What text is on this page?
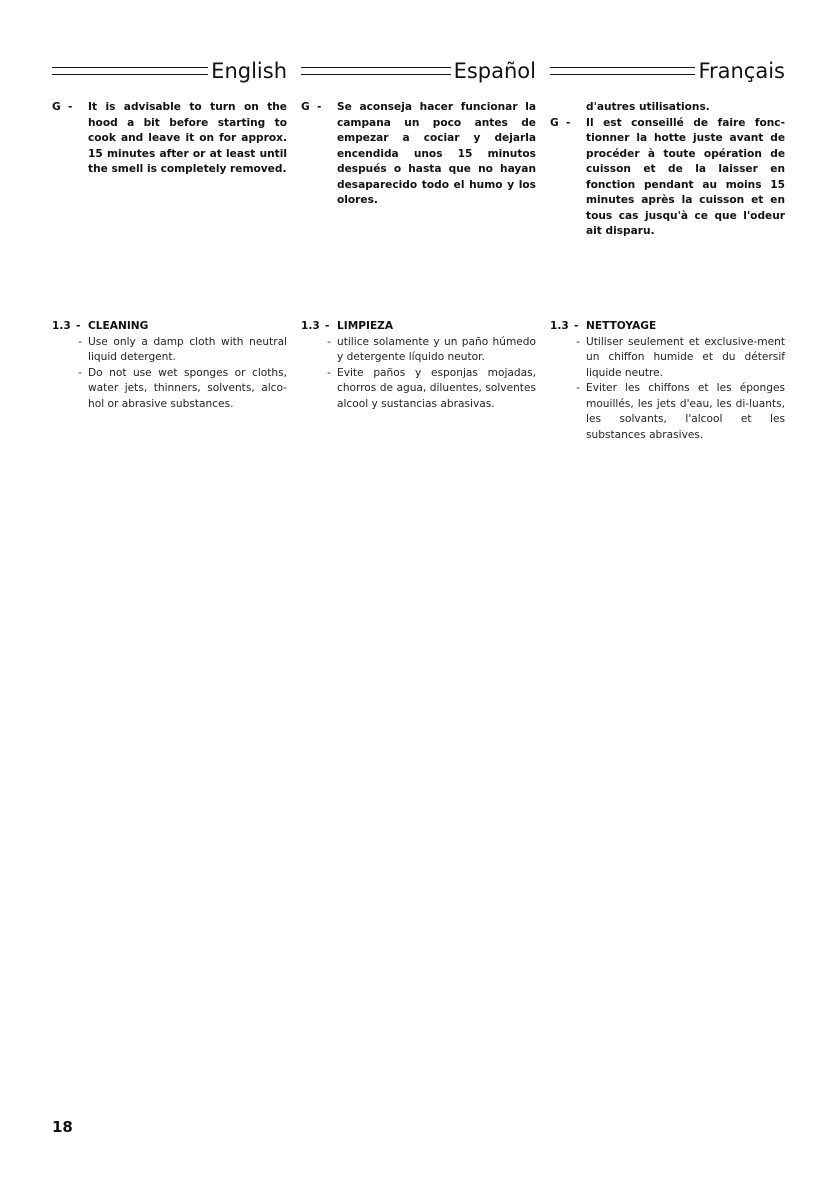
English
G -	It is advisable to turn on the hood a bit before starting to cook and leave it on for approx. 15 minutes after or at least until the smell is completely removed.
1.3 - CLEANING
- Use only a damp cloth with neutral liquid detergent.
- Do not use wet sponges or cloths, water jets, thinners, solvents, alco-hol or abrasive substances.
Español
G -	Se aconseja hacer funcionar la campana un poco antes de empezar a cociar y dejarla encendida unos 15 minutos después o hasta que no hayan desaparecido todo el humo y los olores.
1.3 - LIMPIEZA
- utilice solamente y un paño húmedo y detergente líquido neutor.
- Evite paños y esponjas mojadas, chorros de agua, diluentes, solventes alcool y sustancias abrasivas.
Français
d'autres utilisations.
G -	Il est conseillé de faire fonc-tionner la hotte juste avant de procéder à toute opération de cuisson et de la laisser en fonction pendant au moins 15 minutes après la cuisson et en tous cas jusqu'à ce que l'odeur ait disparu.
1.3 - NETTOYAGE
- Utiliser seulement et exclusive-ment un chiffon humide et du détersif liquide neutre.
- Eviter les chiffons et les éponges mouillés, les jets d'eau, les di-luants, les solvants, l'alcool et les substances abrasives.
18
